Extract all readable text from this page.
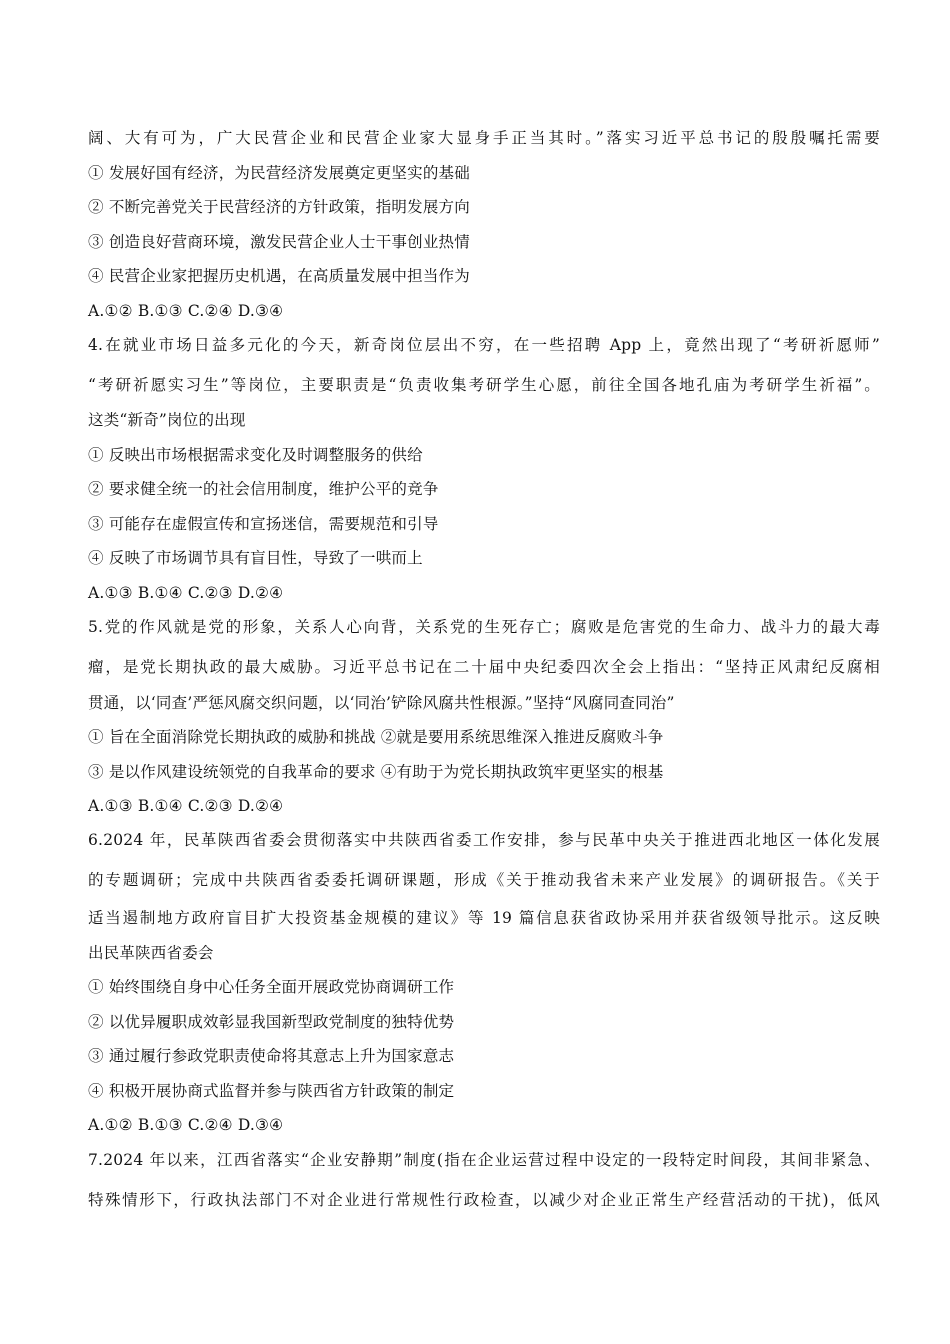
阔、大有可为，广大民营企业和民营企业家大显身手正当其时。”落实习近平总书记的殷殷嘱托需要
① 发展好国有经济，为民营经济发展奠定更坚实的基础
② 不断完善党关于民营经济的方针政策，指明发展方向
③ 创造良好营商环境，激发民营企业人士干事创业热情
④ 民营企业家把握历史机遇，在高质量发展中担当作为
A.①② B.①③ C.②④ D.③④
4.在就业市场日益多元化的今天，新奇岗位层出不穷，在一些招聘 App 上，竟然出现了“考研祈愿师”
“考研祈愿实习生”等岗位，主要职责是“负责收集考研学生心愿，前往全国各地孔庙为考研学生祈福”。
这类“新奇”岗位的出现
① 反映出市场根据需求变化及时调整服务的供给
② 要求健全统一的社会信用制度，维护公平的竞争
③ 可能存在虚假宣传和宣扬迷信，需要规范和引导
④ 反映了市场调节具有盲目性，导致了一哄而上
A.①③ B.①④ C.②③ D.②④
5.党的作风就是党的形象，关系人心向背，关系党的生死存亡；腐败是危害党的生命力、战斗力的最大毒
瘤，是党长期执政的最大威胁。习近平总书记在二十届中央纪委四次全会上指出：“坚持正风肃纪反腐相
贯通，以‘同查’严惩风腐交织问题，以‘同治’铲除风腐共性根源。”坚持“风腐同查同治”
① 旨在全面消除党长期执政的威胁和挑战 ②就是要用系统思维深入推进反腐败斗争
③ 是以作风建设统领党的自我革命的要求 ④有助于为党长期执政筑牢更坚实的根基
A.①③ B.①④ C.②③ D.②④
6.2024 年，民革陕西省委会贯彻落实中共陕西省委工作安排，参与民革中央关于推进西北地区一体化发展
的专题调研；完成中共陕西省委委托调研课题，形成《关于推动我省未来产业发展》的调研报告。《关于
适当遏制地方政府盲目扩大投资基金规模的建议》等 19 篇信息获省政协采用并获省级领导批示。这反映
出民革陕西省委会
① 始终围绕自身中心任务全面开展政党协商调研工作
② 以优异履职成效彰显我国新型政党制度的独特优势
③ 通过履行参政党职责使命将其意志上升为国家意志
④ 积极开展协商式监督并参与陕西省方针政策的制定
A.①② B.①③ C.②④ D.③④
7.2024 年以来，江西省落实“企业安静期”制度(指在企业运营过程中设定的一段特定时间段，其间非紧急、
特殊情形下，行政执法部门不对企业进行常规性行政检查，以减少对企业正常生产经营活动的干扰)，低风
